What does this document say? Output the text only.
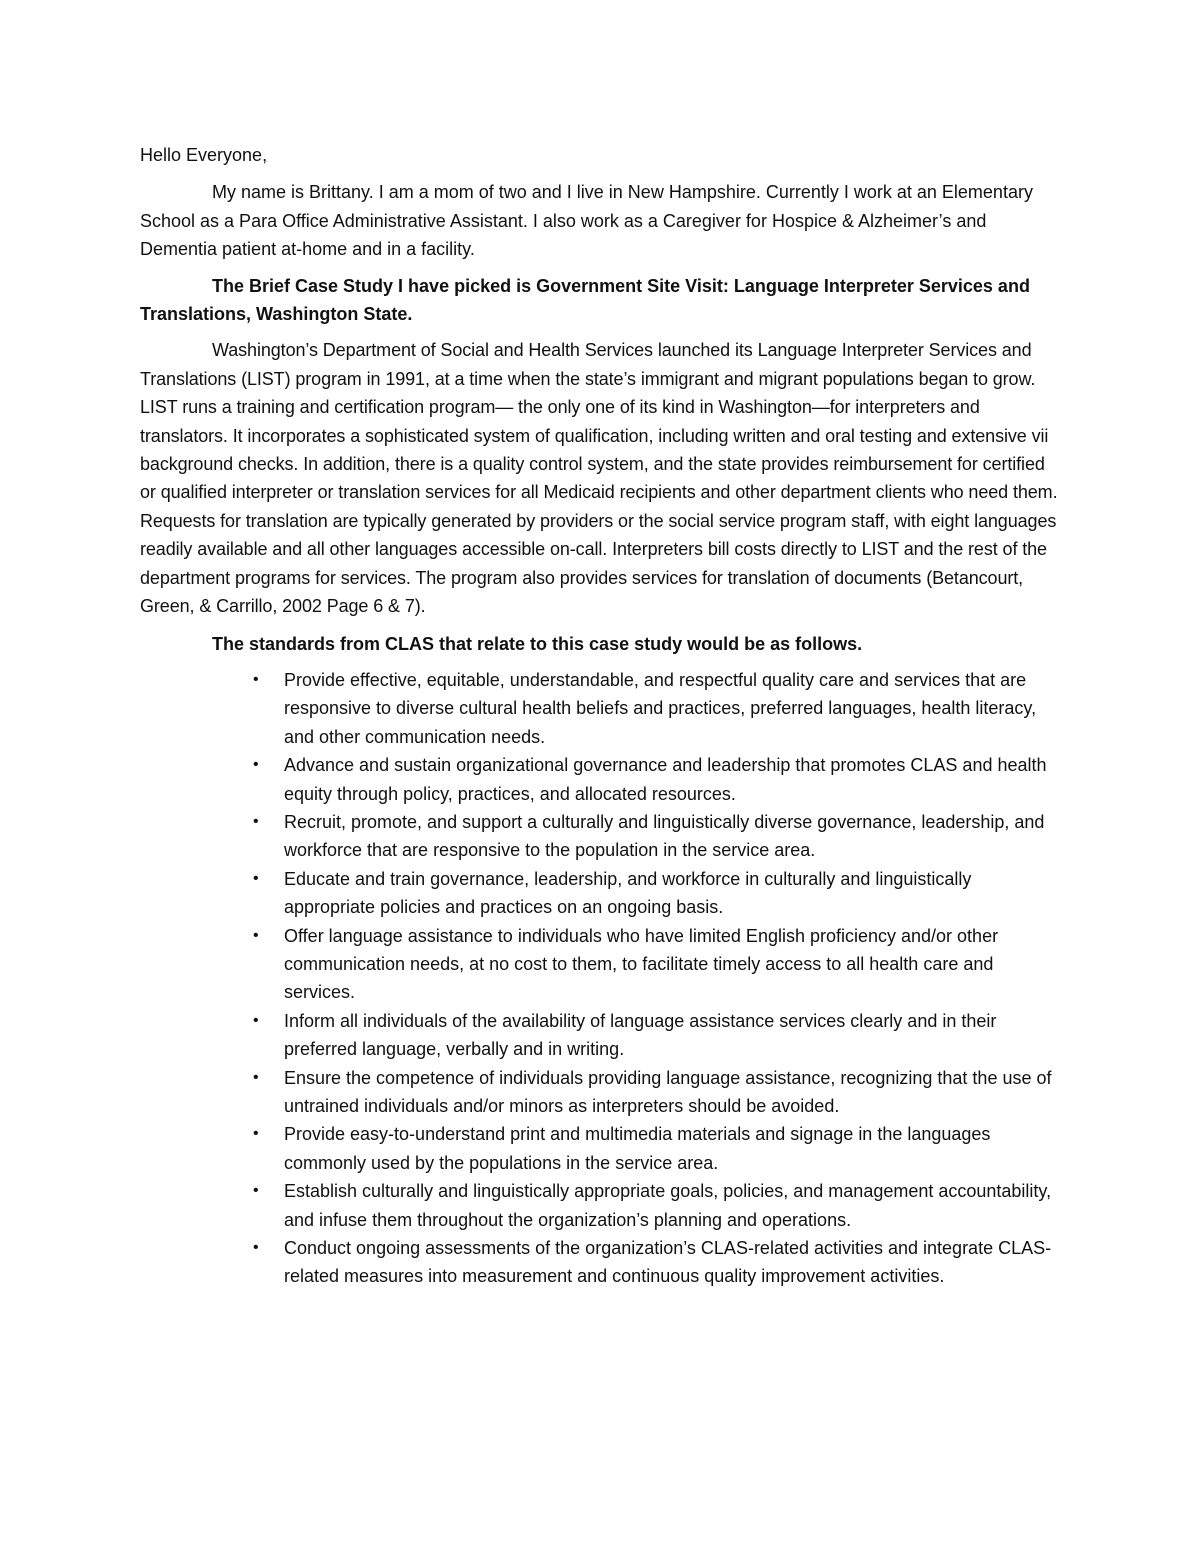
Hello Everyone,

My name is Brittany. I am a mom of two and I live in New Hampshire. Currently I work at an Elementary School as a Para Office Administrative Assistant. I also work as a Caregiver for Hospice & Alzheimer’s and Dementia patient at-home and in a facility.

The Brief Case Study I have picked is Government Site Visit: Language Interpreter Services and Translations, Washington State.

Washington’s Department of Social and Health Services launched its Language Interpreter Services and Translations (LIST) program in 1991, at a time when the state’s immigrant and migrant populations began to grow. LIST runs a training and certification program— the only one of its kind in Washington—for interpreters and translators. It incorporates a sophisticated system of qualification, including written and oral testing and extensive vii background checks. In addition, there is a quality control system, and the state provides reimbursement for certified or qualified interpreter or translation services for all Medicaid recipients and other department clients who need them. Requests for translation are typically generated by providers or the social service program staff, with eight languages readily available and all other languages accessible on-call. Interpreters bill costs directly to LIST and the rest of the department programs for services. The program also provides services for translation of documents (Betancourt, Green, & Carrillo, 2002 Page 6 & 7).

The standards from CLAS that relate to this case study would be as follows.

• Provide effective, equitable, understandable, and respectful quality care and services that are responsive to diverse cultural health beliefs and practices, preferred languages, health literacy, and other communication needs.
• Advance and sustain organizational governance and leadership that promotes CLAS and health equity through policy, practices, and allocated resources.
• Recruit, promote, and support a culturally and linguistically diverse governance, leadership, and workforce that are responsive to the population in the service area.
• Educate and train governance, leadership, and workforce in culturally and linguistically appropriate policies and practices on an ongoing basis.
• Offer language assistance to individuals who have limited English proficiency and/or other communication needs, at no cost to them, to facilitate timely access to all health care and services.
• Inform all individuals of the availability of language assistance services clearly and in their preferred language, verbally and in writing.
• Ensure the competence of individuals providing language assistance, recognizing that the use of untrained individuals and/or minors as interpreters should be avoided.
• Provide easy-to-understand print and multimedia materials and signage in the languages commonly used by the populations in the service area.
• Establish culturally and linguistically appropriate goals, policies, and management accountability, and infuse them throughout the organization’s planning and operations.
• Conduct ongoing assessments of the organization’s CLAS-related activities and integrate CLAS-related measures into measurement and continuous quality improvement activities.
